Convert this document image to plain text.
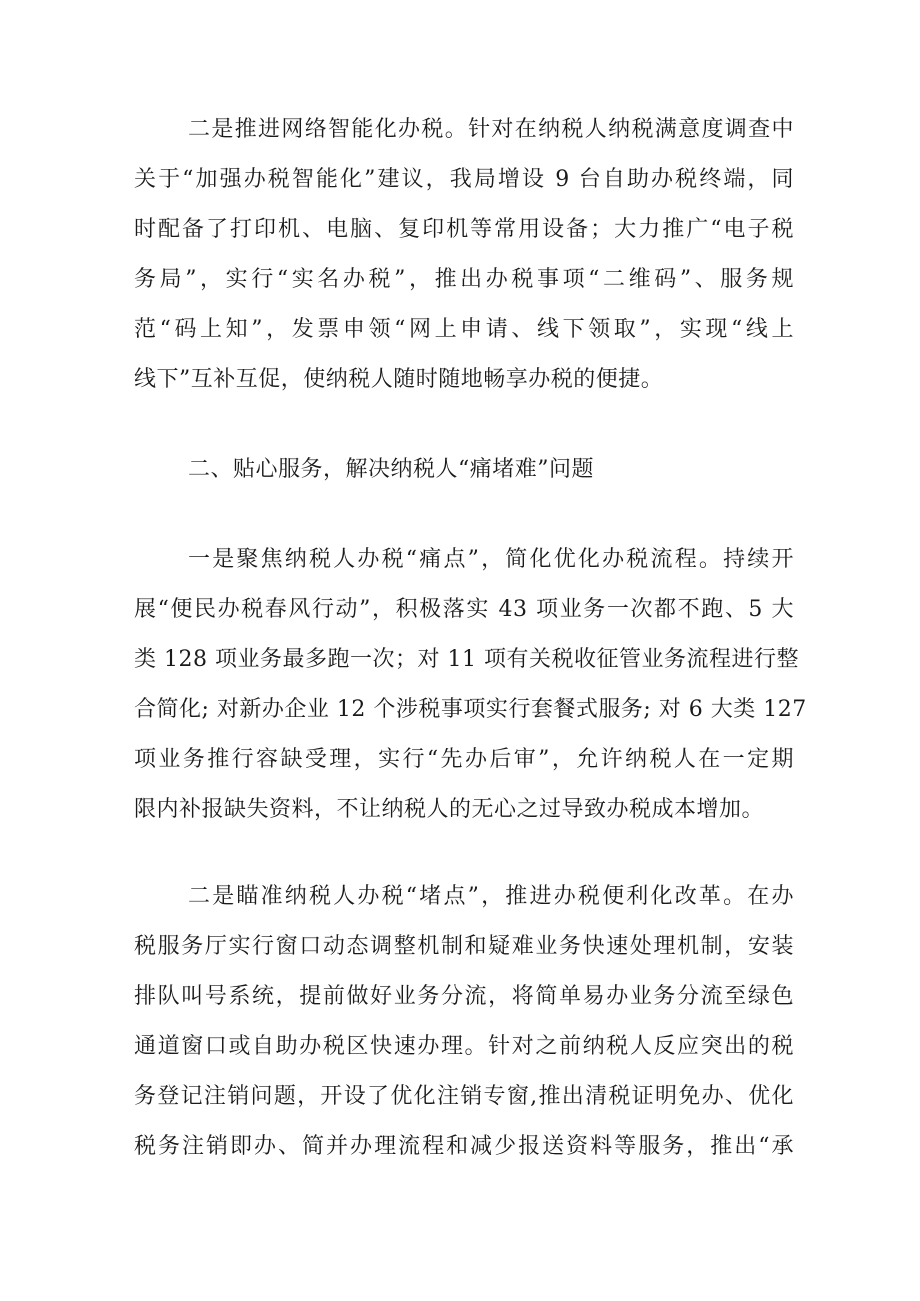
二是推进网络智能化办税。针对在纳税人纳税满意度调查中
关于“加强办税智能化”建议，我局增设 9 台自助办税终端，同
时配备了打印机、电脑、复印机等常用设备；大力推广“电子税
务局”，实行“实名办税”，推出办税事项“二维码”、服务规
范“码上知”，发票申领“网上申请、线下领取”，实现“线上
线下”互补互促，使纳税人随时随地畅享办税的便捷。
二、贴心服务，解决纳税人“痛堵难”问题
一是聚焦纳税人办税“痛点”，简化优化办税流程。持续开
展“便民办税春风行动”，积极落实 43 项业务一次都不跑、5 大
类 128 项业务最多跑一次；对 11 项有关税收征管业务流程进行整
合简化; 对新办企业 12 个涉税事项实行套餐式服务; 对 6 大类 127
项业务推行容缺受理，实行“先办后审”，允许纳税人在一定期
限内补报缺失资料，不让纳税人的无心之过导致办税成本增加。
二是瞄准纳税人办税“堵点”，推进办税便利化改革。在办
税服务厅实行窗口动态调整机制和疑难业务快速处理机制，安装
排队叫号系统，提前做好业务分流，将简单易办业务分流至绿色
通道窗口或自助办税区快速办理。针对之前纳税人反应突出的税
务登记注销问题，开设了优化注销专窗,推出清税证明免办、优化
税务注销即办、简并办理流程和减少报送资料等服务，推出“承
